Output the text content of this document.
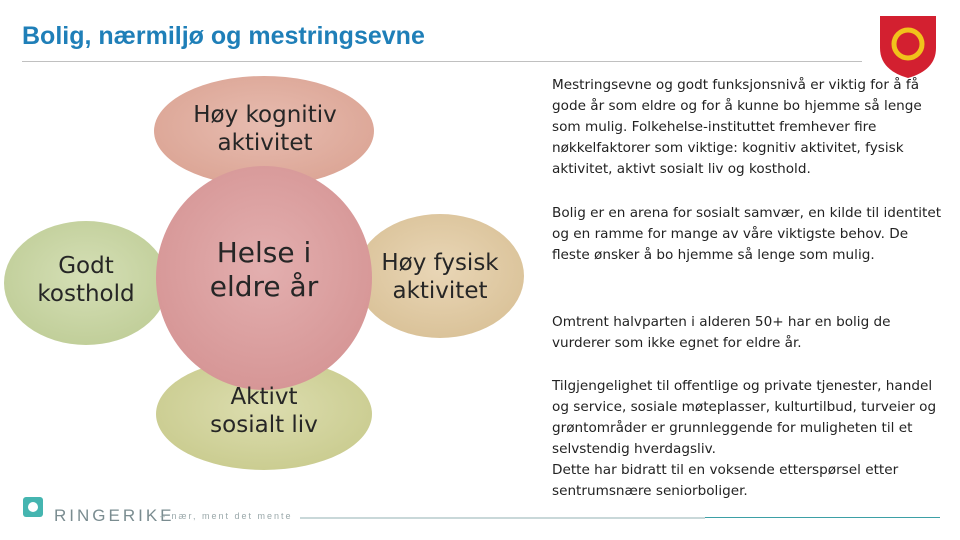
Bolig, nærmiljø og mestringsevne
Høy kognitiv aktivitet
Helse i eldre år
Godt kosthold
Høy fysisk aktivitet
Aktivt sosialt liv
Mestringsevne og godt funksjonsnivå er viktig for å få gode år som eldre og for å kunne bo hjemme så lenge som mulig. Folkehelse-instituttet fremhever fire nøkkelfaktorer som viktige: kognitiv aktivitet, fysisk aktivitet, aktivt sosialt liv og kosthold.
Bolig er en arena for sosialt samvær, en kilde til identitet og en ramme for mange av våre viktigste behov. De fleste ønsker å bo hjemme så lenge som mulig.
Omtrent halvparten i alderen 50+ har en bolig de vurderer som ikke egnet for eldre år.
Tilgjengelighet til offentlige og private tjenester, handel og service, sosiale møteplasser, kulturtilbud, turveier og grøntområder er grunnleggende for muligheten til et selvstendig hverdagsliv.
Dette har bidratt til en voksende etterspørsel etter sentrumsnære seniorboliger.
RINGERIKE
– nær, ment det mente
